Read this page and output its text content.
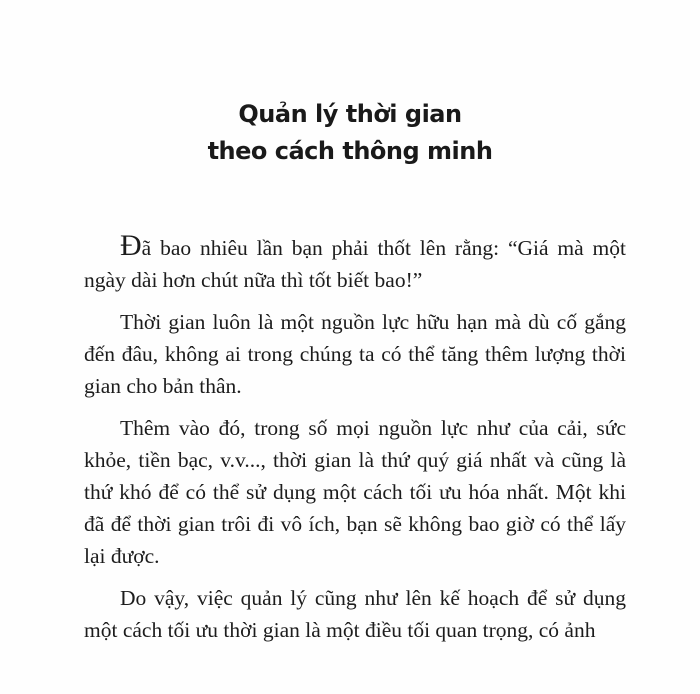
Quản lý thời gian
theo cách thông minh

Đã bao nhiêu lần bạn phải thốt lên rằng: “Giá mà một ngày dài hơn chút nữa thì tốt biết bao!”

Thời gian luôn là một nguồn lực hữu hạn mà dù cố gắng đến đâu, không ai trong chúng ta có thể tăng thêm lượng thời gian cho bản thân.

Thêm vào đó, trong số mọi nguồn lực như của cải, sức khỏe, tiền bạc, v.v..., thời gian là thứ quý giá nhất và cũng là thứ khó để có thể sử dụng một cách tối ưu hóa nhất. Một khi đã để thời gian trôi đi vô ích, bạn sẽ không bao giờ có thể lấy lại được.

Do vậy, việc quản lý cũng như lên kế hoạch để sử dụng một cách tối ưu thời gian là một điều tối quan trọng, có ảnh
